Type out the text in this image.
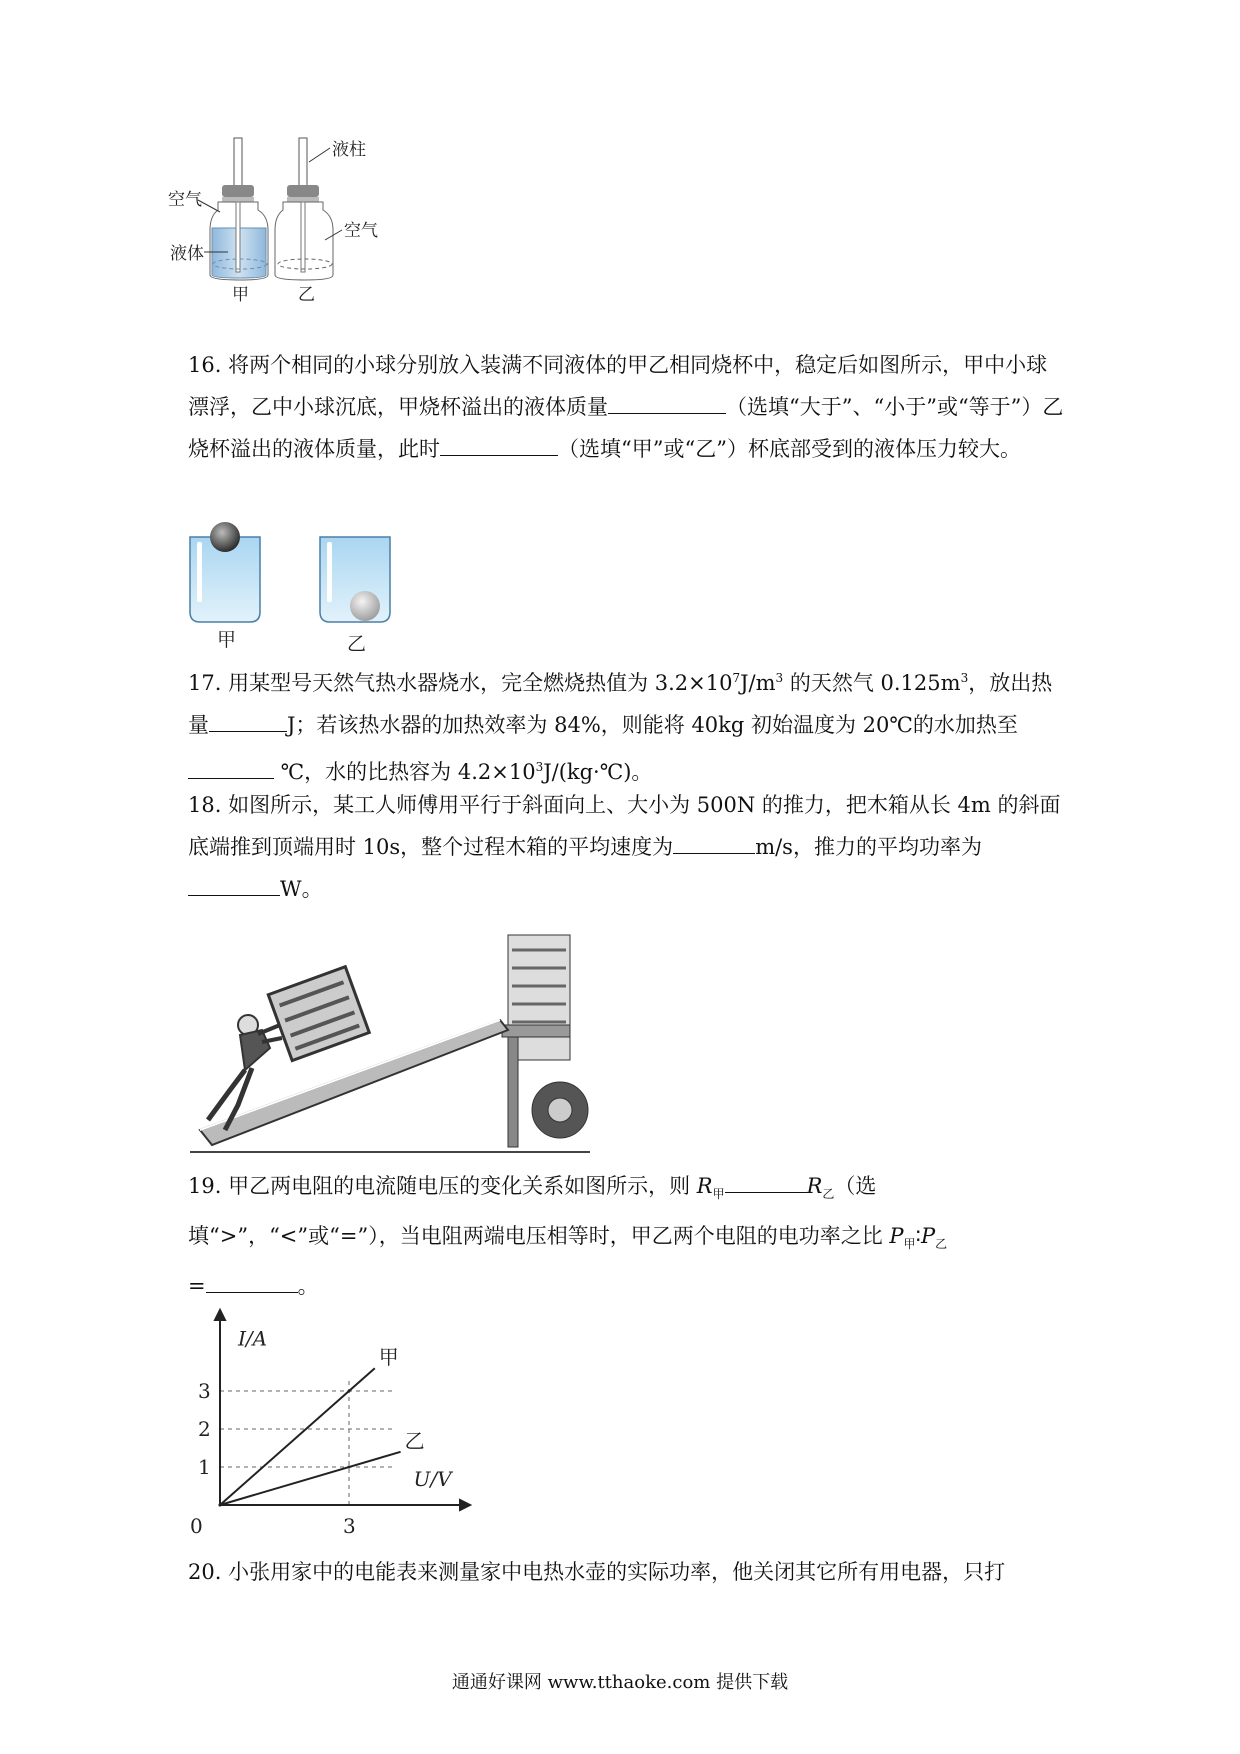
液柱
空气
空气
液体
甲	乙
16. 将两个相同的小球分别放入装满不同液体的甲乙相同烧杯中，稳定后如图所示，甲中小球漂浮，乙中小球沉底，甲烧杯溢出的液体质量	（选填“大于”、“小于”或“等于”）乙烧杯溢出的液体质量，此时	（选填“甲”或“乙”）杯底部受到的液体压力较大。
甲	乙
17. 用某型号天然气热水器烧水，完全燃烧热值为 $3.2\times 10^7J/m^3$ 的天然气 $0.125m^3$，放出热量	J；若该热水器的加热效率为 84%，则能将 40kg 初始温度为 20℃的水加热至
℃，水的比热容为 $4.2\times 10^3J/(kg\cdot℃)$。
18. 如图所示，某工人师傅用平行于斜面向上、大小为 500N 的推力，把木箱从长 4m 的斜面底端推到顶端用时 10s，整个过程木箱的平均速度为	m/s，推力的平均功率为
W。
19. 甲乙两电阻的电流随电压的变化关系如图所示，则 $R_甲$	$R_乙$（选填“>”，“<”或“=”），当电阻两端电压相等时，甲乙两个电阻的电功率之比 $P_甲∶P_乙$
=	。
1
2
3
3
0
I/A
U/V
甲
乙
20. 小张用家中的电能表来测量家中电热水壶的实际功率，他关闭其它所有用电器，只打
通通好课网 www.tthaoke.com 提供下载
